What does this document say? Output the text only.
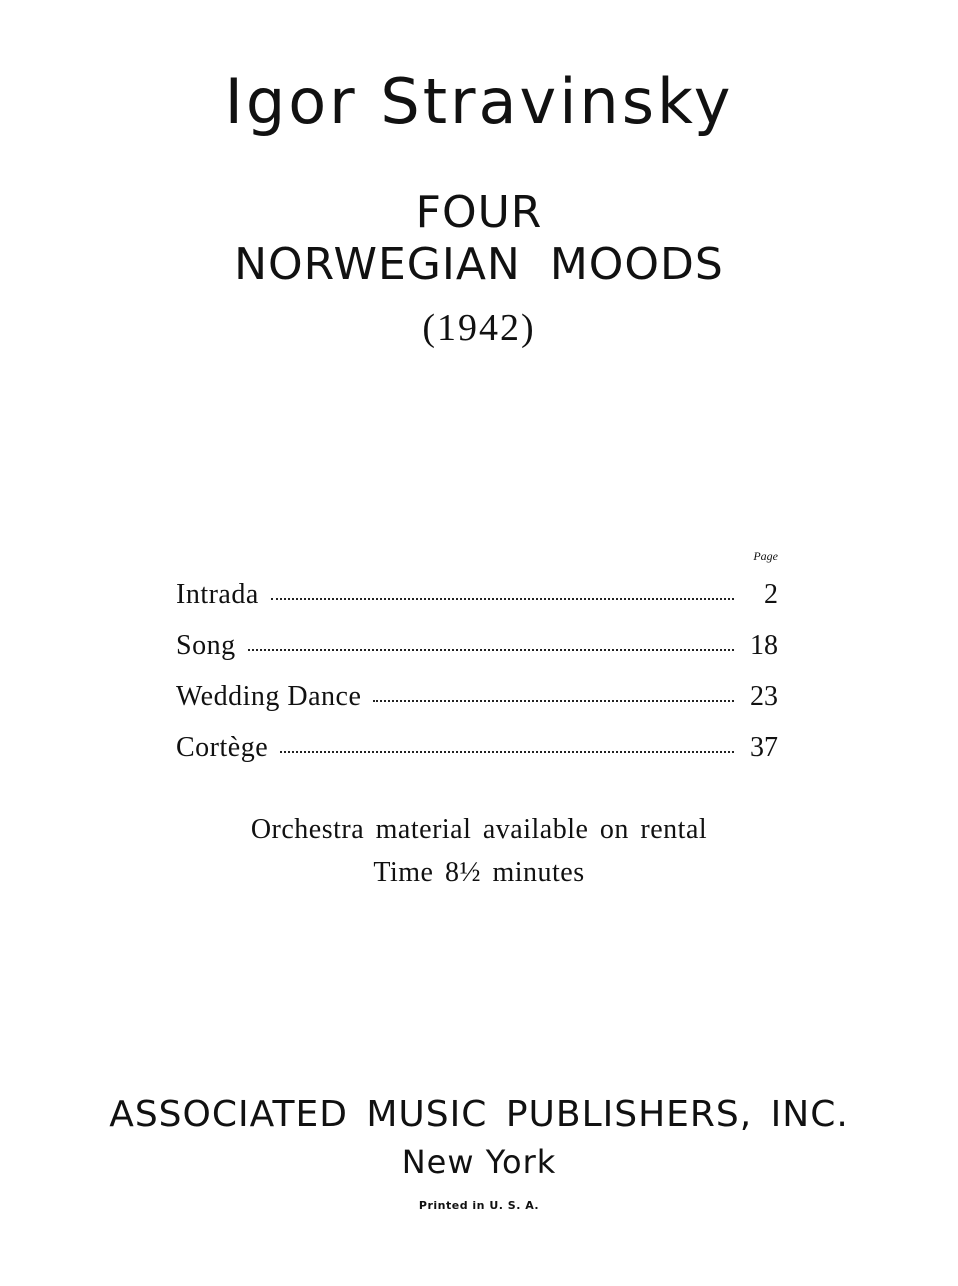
Igor Stravinsky
FOUR
NORWEGIAN MOODS
(1942)
Page
Intrada	2
Song	18
Wedding Dance	23
Cortège	37
Orchestra material available on rental
Time 8½ minutes
ASSOCIATED MUSIC PUBLISHERS, INC.
New York
Printed in U. S. A.
